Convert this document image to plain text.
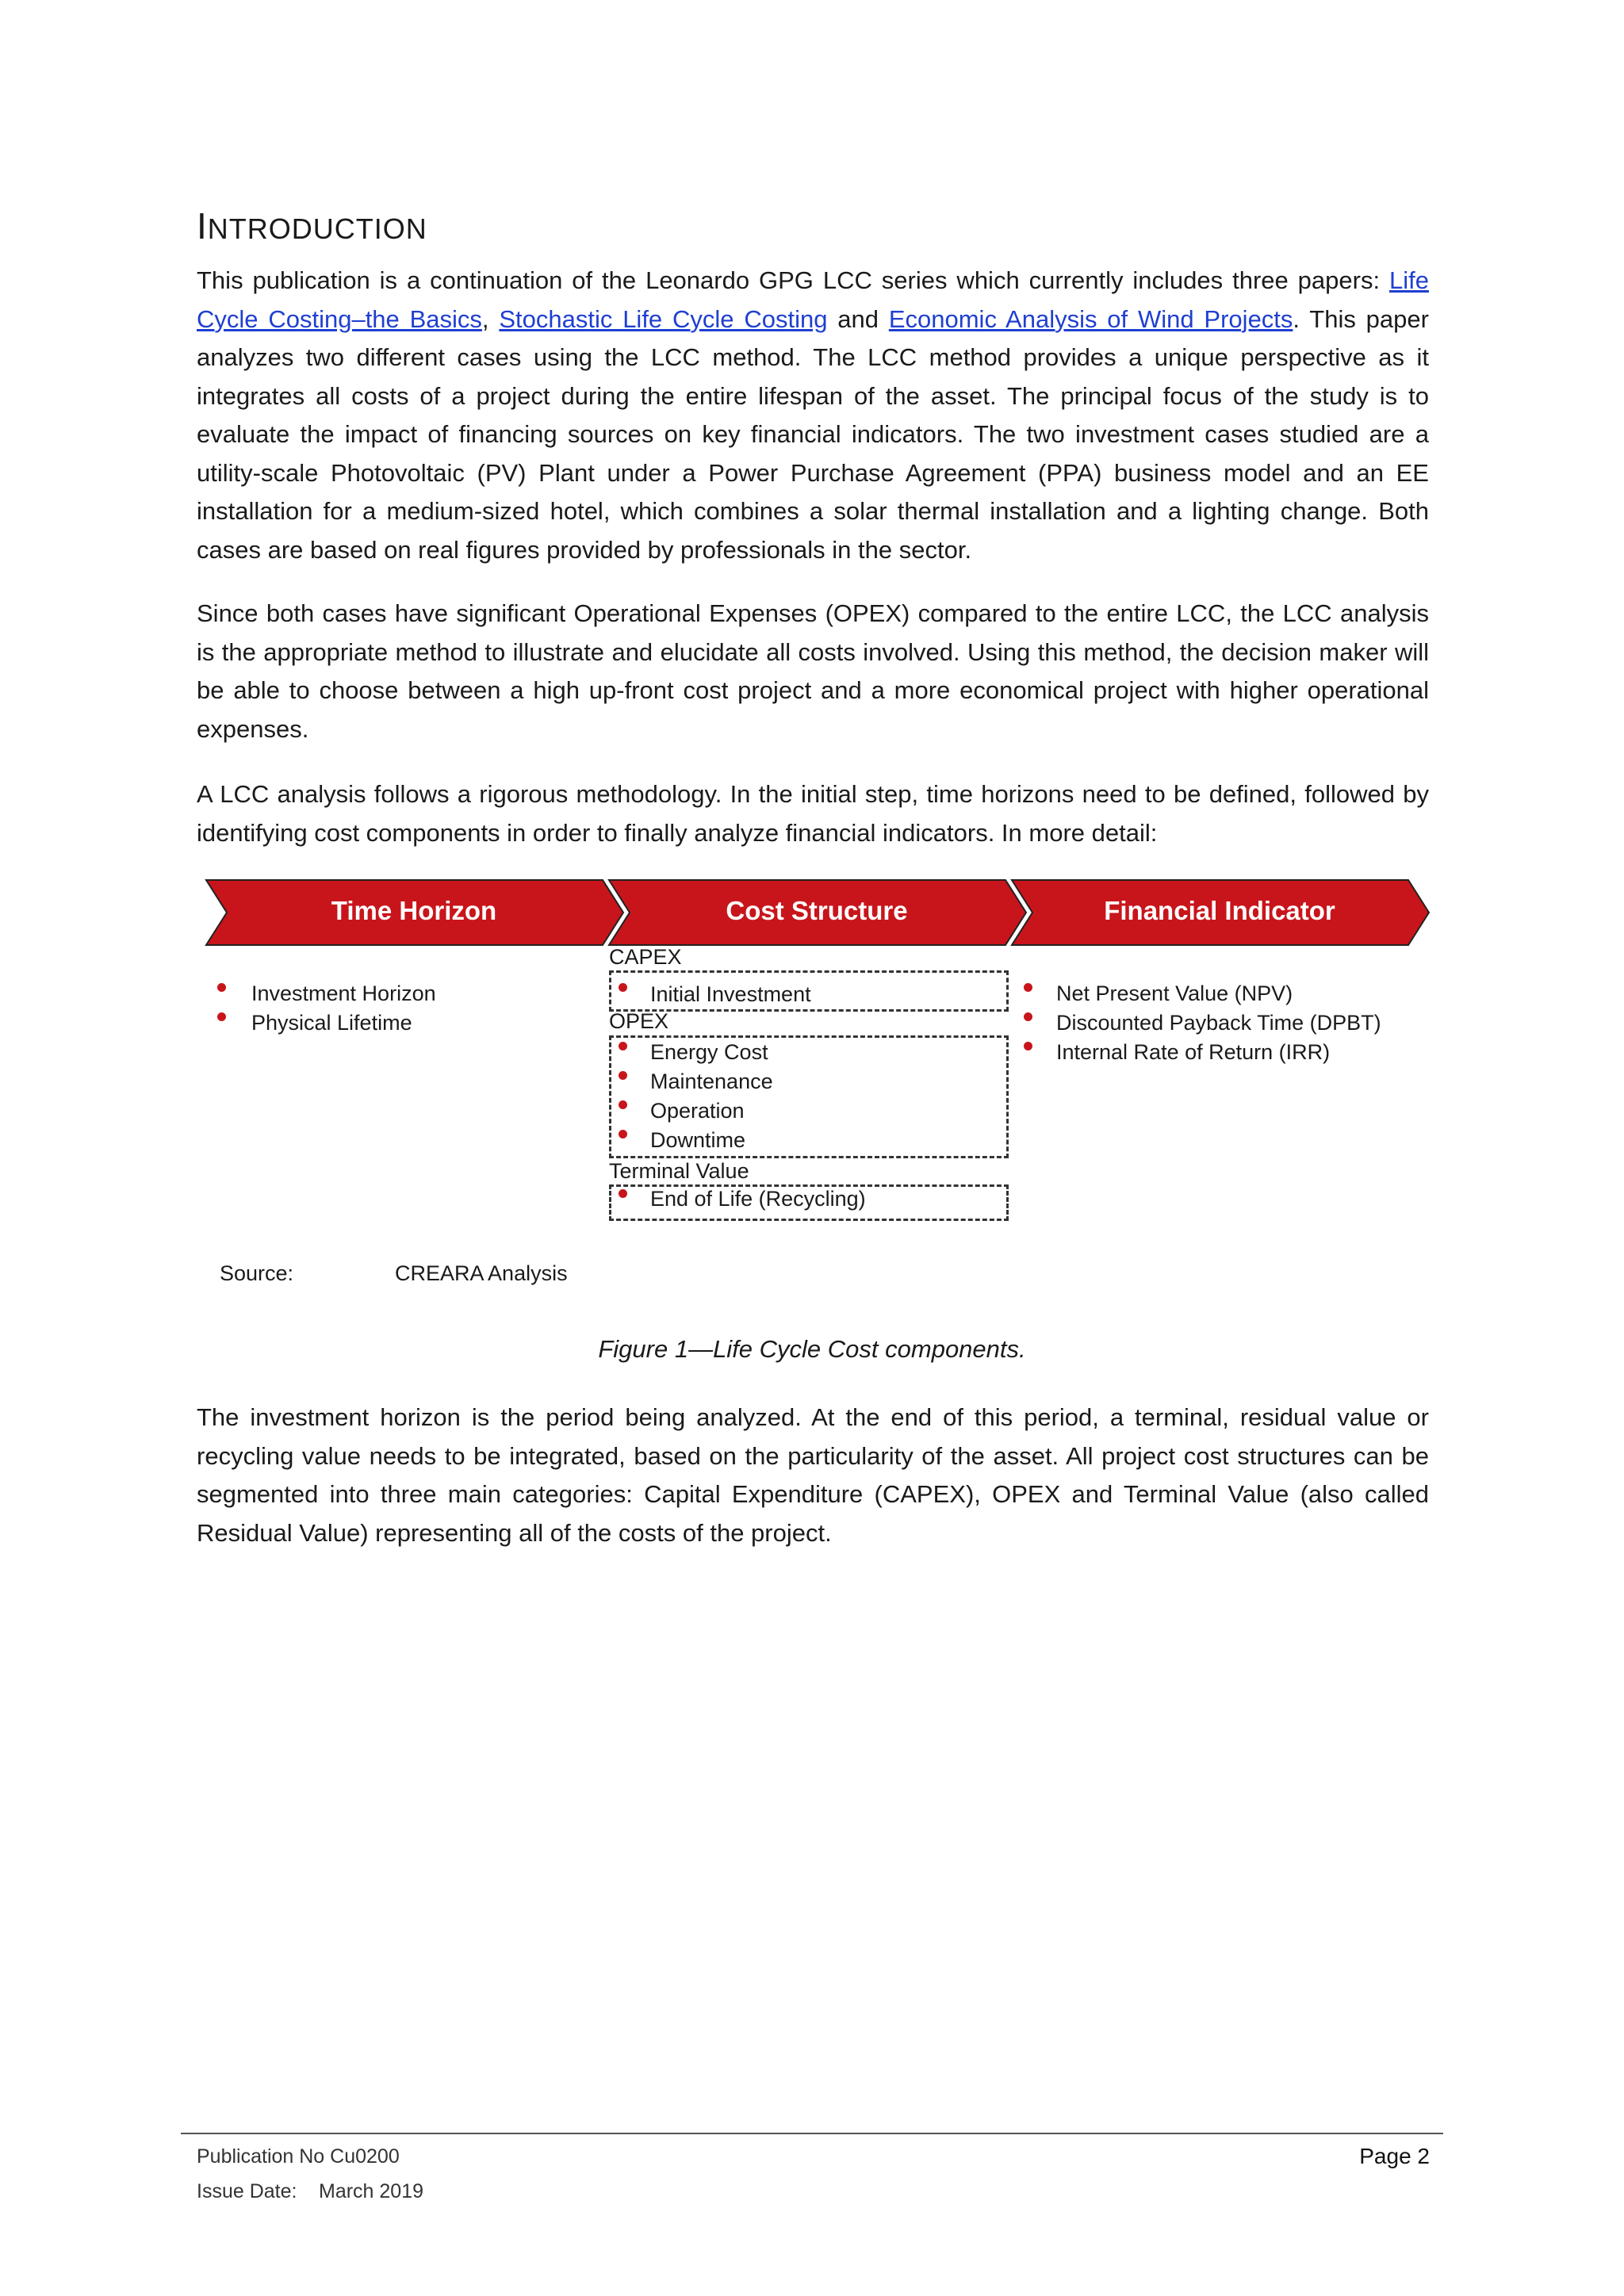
INTRODUCTION
This publication is a continuation of the Leonardo GPG LCC series which currently includes three papers: Life Cycle Costing–the Basics, Stochastic Life Cycle Costing and Economic Analysis of Wind Projects. This paper analyzes two different cases using the LCC method. The LCC method provides a unique perspective as it integrates all costs of a project during the entire lifespan of the asset. The principal focus of the study is to evaluate the impact of financing sources on key financial indicators. The two investment cases studied are a utility-scale Photovoltaic (PV) Plant under a Power Purchase Agreement (PPA) business model and an EE installation for a medium-sized hotel, which combines a solar thermal installation and a lighting change. Both cases are based on real figures provided by professionals in the sector.
Since both cases have significant Operational Expenses (OPEX) compared to the entire LCC, the LCC analysis is the appropriate method to illustrate and elucidate all costs involved. Using this method, the decision maker will be able to choose between a high up-front cost project and a more economical project with higher operational expenses.
A LCC analysis follows a rigorous methodology. In the initial step, time horizons need to be defined, followed by identifying cost components in order to finally analyze financial indicators. In more detail:
Time Horizon	Cost Structure	Financial Indicator
Investment Horizon
Physical Lifetime
CAPEX
Initial Investment
OPEX
Energy Cost
Maintenance
Operation
Downtime
Terminal Value
End of Life (Recycling)
Net Present Value (NPV)
Discounted Payback Time (DPBT)
Internal Rate of Return (IRR)
Source:	CREARA Analysis
Figure 1—Life Cycle Cost components.
The investment horizon is the period being analyzed. At the end of this period, a terminal, residual value or recycling value needs to be integrated, based on the particularity of the asset. All project cost structures can be segmented into three main categories: Capital Expenditure (CAPEX), OPEX and Terminal Value (also called Residual Value) representing all of the costs of the project.
Publication No Cu0200	Page 2
Issue Date: March 2019
